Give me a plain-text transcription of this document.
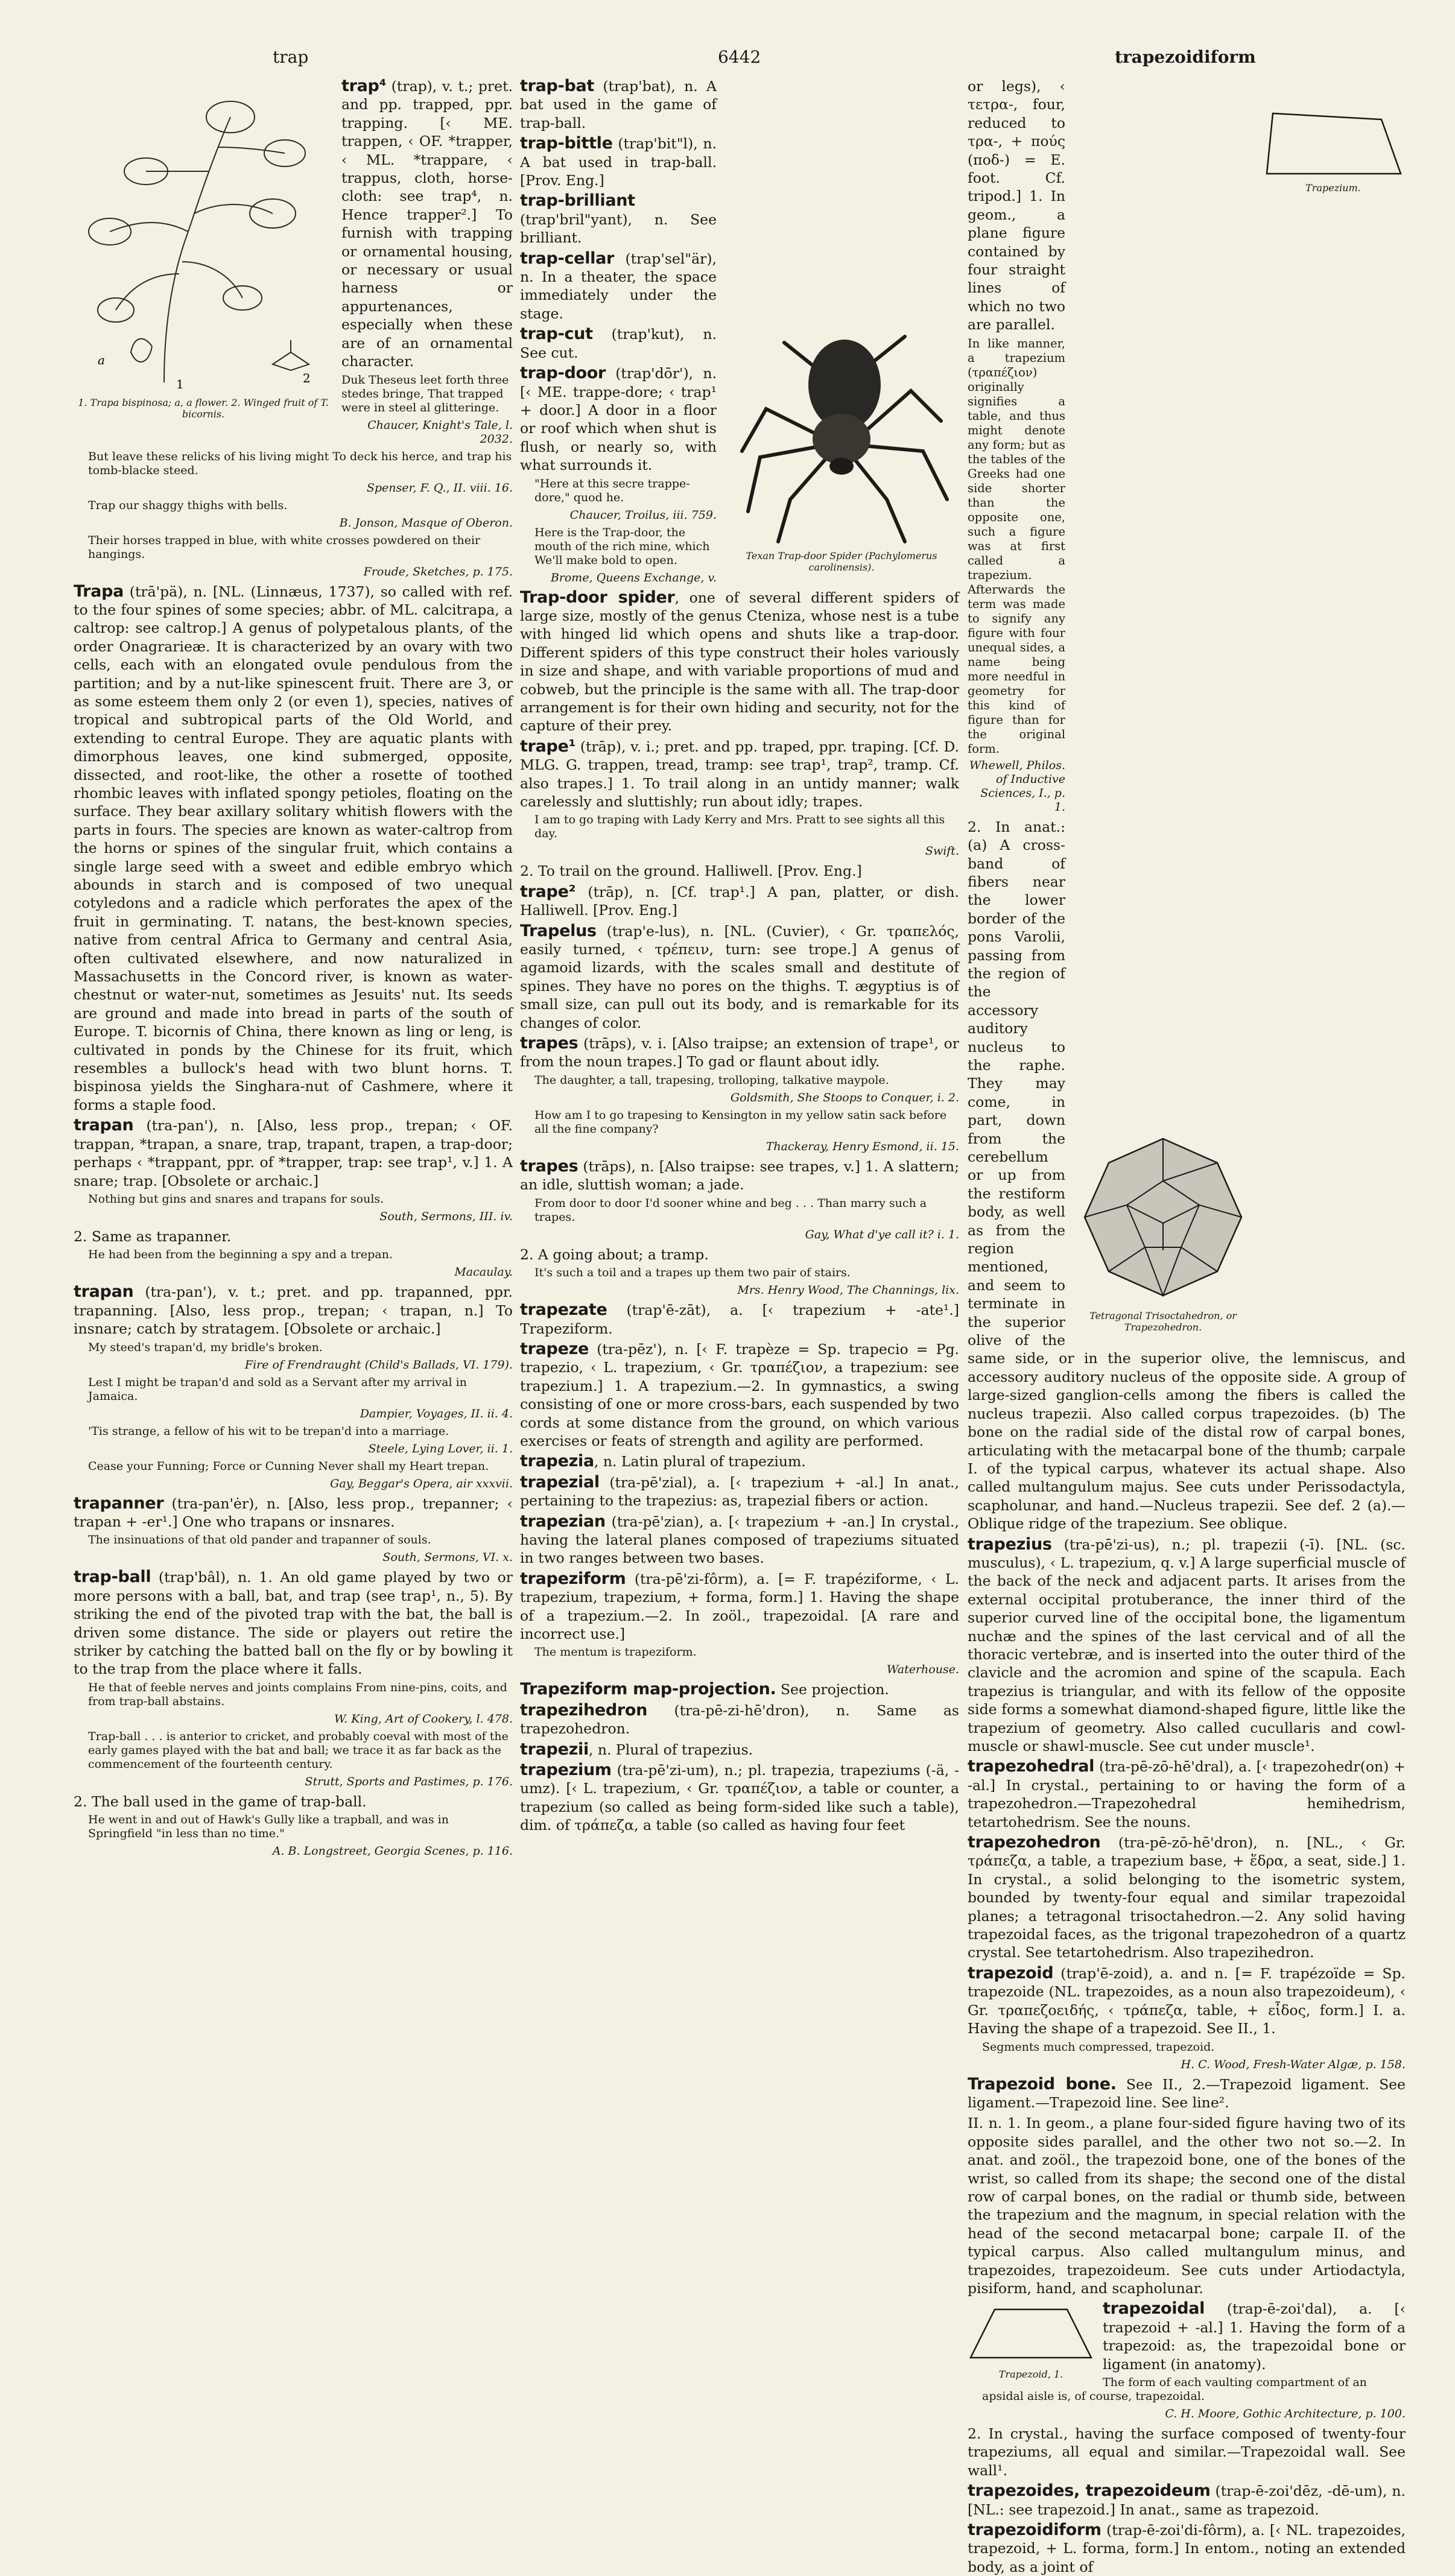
trap	6442	trapezoidiform
a
1	2
1. Trapa bispinosa; a, a flower. 2. Winged fruit of T. bicornis.
trap⁴ (trap), v. t.; pret. and pp. trapped, ppr. trapping. [‹ ME. trappen, ‹ OF. *trapper, ‹ ML. *trappare, ‹ trappus, cloth, horse-cloth: see trap⁴, n. Hence trapper².] To furnish with trapping or ornamental housing, or necessary or usual harness or appurtenances, especially when these are of an ornamental character.
Duk Theseus leet forth three stedes bringe, That trapped were in steel al glitteringe.
Chaucer, Knight's Tale, l. 2032.
But leave these relicks of his living might To deck his herce, and trap his tomb-blacke steed.
Spenser, F. Q., II. viii. 16.
Trap our shaggy thighs with bells.
B. Jonson, Masque of Oberon.
Their horses trapped in blue, with white crosses powdered on their hangings.
Froude, Sketches, p. 175.
Trapa (trā'pä), n. [NL. (Linnæus, 1737), so called with ref. to the four spines of some species; abbr. of ML. calcitrapa, a caltrop: see caltrop.] A genus of polypetalous plants, of the order Onagrarieæ. It is characterized by an ovary with two cells, each with an elongated ovule pendulous from the partition; and by a nut-like spinescent fruit. There are 3, or as some esteem them only 2 (or even 1), species, natives of tropical and subtropical parts of the Old World, and extending to central Europe. They are aquatic plants with dimorphous leaves, one kind submerged, opposite, dissected, and root-like, the other a rosette of toothed rhombic leaves with inflated spongy petioles, floating on the surface. They bear axillary solitary whitish flowers with the parts in fours. The species are known as water-caltrop from the horns or spines of the singular fruit, which contains a single large seed with a sweet and edible embryo which abounds in starch and is composed of two unequal cotyledons and a radicle which perforates the apex of the fruit in germinating. T. natans, the best-known species, native from central Africa to Germany and central Asia, often cultivated elsewhere, and now naturalized in Massachusetts in the Concord river, is known as water-chestnut or water-nut, sometimes as Jesuits' nut. Its seeds are ground and made into bread in parts of the south of Europe. T. bicornis of China, there known as ling or leng, is cultivated in ponds by the Chinese for its fruit, which resembles a bullock's head with two blunt horns. T. bispinosa yields the Singhara-nut of Cashmere, where it forms a staple food.
trapan (tra-pan'), n. [Also, less prop., trepan; ‹ OF. trappan, *trapan, a snare, trap, trapant, trapen, a trap-door; perhaps ‹ *trappant, ppr. of *trapper, trap: see trap¹, v.] 1. A snare; trap. [Obsolete or archaic.]
Nothing but gins and snares and trapans for souls.
South, Sermons, III. iv.
2. Same as trapanner.
He had been from the beginning a spy and a trepan.
Macaulay.
trapan (tra-pan'), v. t.; pret. and pp. trapanned, ppr. trapanning. [Also, less prop., trepan; ‹ trapan, n.] To insnare; catch by stratagem. [Obsolete or archaic.]
My steed's trapan'd, my bridle's broken.
Fire of Frendraught (Child's Ballads, VI. 179).
Lest I might be trapan'd and sold as a Servant after my arrival in Jamaica.
Dampier, Voyages, II. ii. 4.
'Tis strange, a fellow of his wit to be trepan'd into a marriage.
Steele, Lying Lover, ii. 1.
Cease your Funning; Force or Cunning Never shall my Heart trepan.
Gay, Beggar's Opera, air xxxvii.
trapanner (tra-pan'ėr), n. [Also, less prop., trepanner; ‹ trapan + -er¹.] One who trapans or insnares.
The insinuations of that old pander and trapanner of souls.
South, Sermons, VI. x.
trap-ball (trap'bâl), n. 1. An old game played by two or more persons with a ball, bat, and trap (see trap¹, n., 5). By striking the end of the pivoted trap with the bat, the ball is driven some distance. The side or players out retire the striker by catching the batted ball on the fly or by bowling it to the trap from the place where it falls.
He that of feeble nerves and joints complains From nine-pins, coits, and from trap-ball abstains.
W. King, Art of Cookery, l. 478.
Trap-ball . . . is anterior to cricket, and probably coeval with most of the early games played with the bat and ball; we trace it as far back as the commencement of the fourteenth century.
Strutt, Sports and Pastimes, p. 176.
2. The ball used in the game of trap-ball.
He went in and out of Hawk's Gully like a trapball, and was in Springfield "in less than no time."
A. B. Longstreet, Georgia Scenes, p. 116.
Texan Trap-door Spider (Pachylomerus carolinensis).
trap-bat (trap'bat), n. A bat used in the game of trap-ball.
trap-bittle (trap'bit"l), n. A bat used in trap-ball. [Prov. Eng.]
trap-brilliant (trap'bril"yant), n. See brilliant.
trap-cellar (trap'sel"är), n. In a theater, the space immediately under the stage.
trap-cut (trap'kut), n. See cut.
trap-door (trap'dōr'), n. [‹ ME. trappe-dore; ‹ trap¹ + door.] A door in a floor or roof which when shut is flush, or nearly so, with what surrounds it.
"Here at this secre trappe-dore," quod he.
Chaucer, Troilus, iii. 759.
Here is the Trap-door, the mouth of the rich mine, which We'll make bold to open.
Brome, Queens Exchange, v.
Trap-door spider, one of several different spiders of large size, mostly of the genus Cteniza, whose nest is a tube with hinged lid which opens and shuts like a trap-door. Different spiders of this type construct their holes variously in size and shape, and with variable proportions of mud and cobweb, but the principle is the same with all. The trap-door arrangement is for their own hiding and security, not for the capture of their prey.
trape¹ (trāp), v. i.; pret. and pp. traped, ppr. traping. [Cf. D. MLG. G. trappen, tread, tramp: see trap¹, trap², tramp. Cf. also trapes.] 1. To trail along in an untidy manner; walk carelessly and sluttishly; run about idly; trapes.
I am to go traping with Lady Kerry and Mrs. Pratt to see sights all this day.
Swift.
2. To trail on the ground. Halliwell. [Prov. Eng.]
trape² (trāp), n. [Cf. trap¹.] A pan, platter, or dish. Halliwell. [Prov. Eng.]
Trapelus (trap'e-lus), n. [NL. (Cuvier), ‹ Gr. τραπελός, easily turned, ‹ τρέπειν, turn: see trope.] A genus of agamoid lizards, with the scales small and destitute of spines. They have no pores on the thighs. T. ægyptius is of small size, can pull out its body, and is remarkable for its changes of color.
trapes (trāps), v. i. [Also traipse; an extension of trape¹, or from the noun trapes.] To gad or flaunt about idly.
The daughter, a tall, trapesing, trolloping, talkative maypole.
Goldsmith, She Stoops to Conquer, i. 2.
How am I to go trapesing to Kensington in my yellow satin sack before all the fine company?
Thackeray, Henry Esmond, ii. 15.
trapes (trāps), n. [Also traipse: see trapes, v.] 1. A slattern; an idle, sluttish woman; a jade.
From door to door I'd sooner whine and beg . . . Than marry such a trapes.
Gay, What d'ye call it? i. 1.
2. A going about; a tramp.
It's such a toil and a trapes up them two pair of stairs.
Mrs. Henry Wood, The Channings, lix.
trapezate (trap'ē-zāt), a. [‹ trapezium + -ate¹.] Trapeziform.
trapeze (tra-pēz'), n. [‹ F. trapèze = Sp. trapecio = Pg. trapezio, ‹ L. trapezium, ‹ Gr. τραπέζιον, a trapezium: see trapezium.] 1. A trapezium.—2. In gymnastics, a swing consisting of one or more cross-bars, each suspended by two cords at some distance from the ground, on which various exercises or feats of strength and agility are performed.
trapezia, n. Latin plural of trapezium.
trapezial (tra-pē'zial), a. [‹ trapezium + -al.] In anat., pertaining to the trapezius: as, trapezial fibers or action.
trapezian (tra-pē'zian), a. [‹ trapezium + -an.] In crystal., having the lateral planes composed of trapeziums situated in two ranges between two bases.
trapeziform (tra-pē'zi-fôrm), a. [= F. trapéziforme, ‹ L. trapezium, trapezium, + forma, form.] 1. Having the shape of a trapezium.—2. In zoöl., trapezoidal. [A rare and incorrect use.]
The mentum is trapeziform.
Waterhouse.
Trapeziform map-projection. See projection.
trapezihedron (tra-pē-zi-hē'dron), n. Same as trapezohedron.
trapezii, n. Plural of trapezius.
trapezium (tra-pē'zi-um), n.; pl. trapezia, trapeziums (-ä, -umz). [‹ L. trapezium, ‹ Gr. τραπέζιον, a table or counter, a trapezium (so called as being form-sided like such a table), dim. of τράπεζα, a table (so called as having four feet
Trapezium.
Tetragonal Trisoctahedron, or Trapezohedron.
or legs), ‹ τετρα-, four, reduced to τρα-, + πούς (ποδ-) = E. foot. Cf. tripod.] 1. In geom., a plane figure contained by four straight lines of which no two are parallel.
In like manner, a trapezium (τραπέζιον) originally signifies a table, and thus might denote any form; but as the tables of the Greeks had one side shorter than the opposite one, such a figure was at first called a trapezium. Afterwards the term was made to signify any figure with four unequal sides, a name being more needful in geometry for this kind of figure than for the original form.
Whewell, Philos. of Inductive Sciences, I., p. 1.
2. In anat.: (a) A cross-band of fibers near the lower border of the pons Varolii, passing from the region of the accessory auditory nucleus to the raphe. They may come, in part, down from the cerebellum or up from the restiform body, as well as from the region mentioned, and seem to terminate in the superior olive of the same side, or in the superior olive, the lemniscus, and accessory auditory nucleus of the opposite side. A group of large-sized ganglion-cells among the fibers is called the nucleus trapezii. Also called corpus trapezoides. (b) The bone on the radial side of the distal row of carpal bones, articulating with the metacarpal bone of the thumb; carpale I. of the typical carpus, whatever its actual shape. Also called multangulum majus. See cuts under Perissodactyla, scapholunar, and hand.—Nucleus trapezii. See def. 2 (a).—Oblique ridge of the trapezium. See oblique.
trapezius (tra-pē'zi-us), n.; pl. trapezii (-ī). [NL. (sc. musculus), ‹ L. trapezium, q. v.] A large superficial muscle of the back of the neck and adjacent parts. It arises from the external occipital protuberance, the inner third of the superior curved line of the occipital bone, the ligamentum nuchæ and the spines of the last cervical and of all the thoracic vertebræ, and is inserted into the outer third of the clavicle and the acromion and spine of the scapula. Each trapezius is triangular, and with its fellow of the opposite side forms a somewhat diamond-shaped figure, little like the trapezium of geometry. Also called cucullaris and cowl-muscle or shawl-muscle. See cut under muscle¹.
trapezohedral (tra-pē-zō-hē'dral), a. [‹ trapezohedr(on) + -al.] In crystal., pertaining to or having the form of a trapezohedron.—Trapezohedral hemihedrism, tetartohedrism. See the nouns.
trapezohedron (tra-pē-zō-hē'dron), n. [NL., ‹ Gr. τράπεζα, a table, a trapezium base, + ἕδρα, a seat, side.] 1. In crystal., a solid belonging to the isometric system, bounded by twenty-four equal and similar trapezoidal planes; a tetragonal trisoctahedron.—2. Any solid having trapezoidal faces, as the trigonal trapezohedron of a quartz crystal. See tetartohedrism. Also trapezihedron.
trapezoid (trap'ē-zoid), a. and n. [= F. trapézoïde = Sp. trapezoide (NL. trapezoides, as a noun also trapezoideum), ‹ Gr. τραπεζοειδής, ‹ τράπεζα, table, + εἶδος, form.] I. a. Having the shape of a trapezoid. See II., 1.
Segments much compressed, trapezoid.
H. C. Wood, Fresh-Water Algæ, p. 158.
Trapezoid bone. See II., 2.—Trapezoid ligament. See ligament.—Trapezoid line. See line².
II. n. 1. In geom., a plane four-sided figure having two of its opposite sides parallel, and the other two not so.—2. In anat. and zoöl., the trapezoid bone, one of the bones of the wrist, so called from its shape; the second one of the distal row of carpal bones, on the radial or thumb side, between the trapezium and the magnum, in special relation with the head of the second metacarpal bone; carpale II. of the typical carpus. Also called multangulum minus, and trapezoides, trapezoideum. See cuts under Artiodactyla, pisiform, hand, and scapholunar.
Trapezoid, 1.
trapezoidal (trap-ē-zoi'dal), a. [‹ trapezoid + -al.] 1. Having the form of a trapezoid: as, the trapezoidal bone or ligament (in anatomy).
The form of each vaulting compartment of an apsidal aisle is, of course, trapezoidal.
C. H. Moore, Gothic Architecture, p. 100.
2. In crystal., having the surface composed of twenty-four trapeziums, all equal and similar.—Trapezoidal wall. See wall¹.
trapezoides, trapezoideum (trap-ē-zoi'dēz, -dē-um), n. [NL.: see trapezoid.] In anat., same as trapezoid.
trapezoidiform (trap-ē-zoi'di-fôrm), a. [‹ NL. trapezoides, trapezoid, + L. forma, form.] In entom., noting an extended body, as a joint of
